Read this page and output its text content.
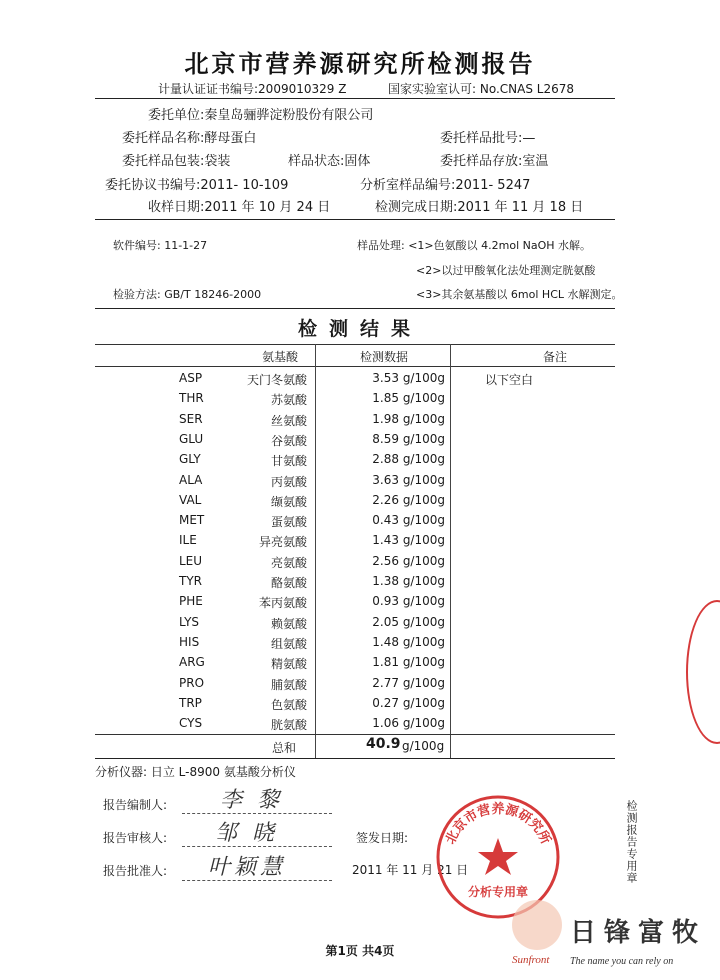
北京市营养源研究所检测报告
计量认证证书编号:2009010329 Z	国家实验室认可: No.CNAS L2678
委托单位:秦皇岛骊骅淀粉股份有限公司
委托样品名称:酵母蛋白	委托样品批号:—
委托样品包装:袋装	样品状态:固体	委托样品存放:室温
委托协议书编号:2011- 10-109	分析室样品编号:2011- 5247
收样日期:2011 年 10 月 24 日	检测完成日期:2011 年 11 月 18 日
软件编号: 11-1-27	样品处理: <1>色氨酸以 4.2mol NaOH 水解。
<2>以过甲酸氧化法处理测定胱氨酸
检验方法: GB/T 18246-2000	<3>其余氨基酸以 6mol HCL 水解测定。
检测结果
氨基酸	检测数据	备注
ASP	天门冬氨酸	3.53 g/100g
THR	苏氨酸	1.85 g/100g
SER	丝氨酸	1.98 g/100g
GLU	谷氨酸	8.59 g/100g
GLY	甘氨酸	2.88 g/100g
ALA	丙氨酸	3.63 g/100g
VAL	缬氨酸	2.26 g/100g
MET	蛋氨酸	0.43 g/100g
ILE	异亮氨酸	1.43 g/100g
LEU	亮氨酸	2.56 g/100g
TYR	酪氨酸	1.38 g/100g
PHE	苯丙氨酸	0.93 g/100g
LYS	赖氨酸	2.05 g/100g
HIS	组氨酸	1.48 g/100g
ARG	精氨酸	1.81 g/100g
PRO	脯氨酸	2.77 g/100g
TRP	色氨酸	0.27 g/100g
CYS	胱氨酸	1.06 g/100g
以下空白
总和	40.9 g/100g
分析仪器: 日立 L-8900 氨基酸分析仪
报告编制人: 李 黎
报告审核人: 邹 晓	签发日期:
报告批准人: 叶颖慧	2011 年 11 月 21 日	检测报告专用章
北京市营养源研究所
分析专用章
第1页 共4页
日锋富牧
Sunfront The name you can rely on
